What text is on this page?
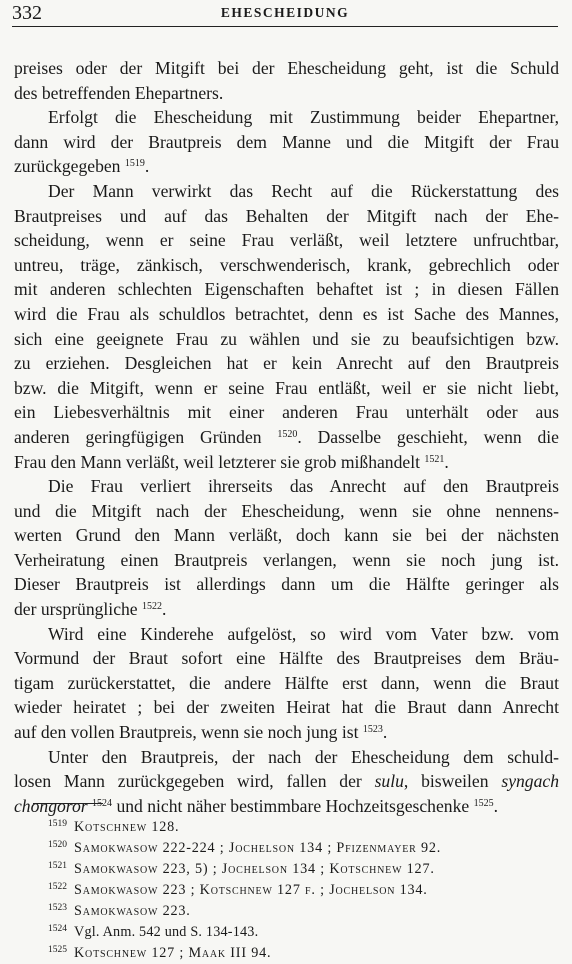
332	EHESCHEIDUNG

preises oder der Mitgift bei der Ehescheidung geht, ist die Schuld
des betreffenden Ehepartners.

Erfolgt die Ehescheidung mit Zustimmung beider Ehepartner,
dann wird der Brautpreis dem Manne und die Mitgift der Frau
zurückgegeben $^{1519}$.

Der Mann verwirkt das Recht auf die Rückerstattung des
Brautpreises und auf das Behalten der Mitgift nach der Ehe-
scheidung, wenn er seine Frau verläßt, weil letztere unfruchtbar,
untreu, träge, zänkisch, verschwenderisch, krank, gebrechlich oder
mit anderen schlechten Eigenschaften behaftet ist ; in diesen Fällen
wird die Frau als schuldlos betrachtet, denn es ist Sache des Mannes,
sich eine geeignete Frau zu wählen und sie zu beaufsichtigen bzw.
zu erziehen. Desgleichen hat er kein Anrecht auf den Brautpreis
bzw. die Mitgift, wenn er seine Frau entläßt, weil er sie nicht liebt,
ein Liebesverhältnis mit einer anderen Frau unterhält oder aus
anderen geringfügigen Gründen $^{1520}$. Dasselbe geschieht, wenn die
Frau den Mann verläßt, weil letzterer sie grob mißhandelt $^{1521}$.

Die Frau verliert ihrerseits das Anrecht auf den Brautpreis
und die Mitgift nach der Ehescheidung, wenn sie ohne nennens-
werten Grund den Mann verläßt, doch kann sie bei der nächsten
Verheiratung einen Brautpreis verlangen, wenn sie noch jung ist.
Dieser Brautpreis ist allerdings dann um die Hälfte geringer als
der ursprüngliche $^{1522}$.

Wird eine Kinderehe aufgelöst, so wird vom Vater bzw. vom
Vormund der Braut sofort eine Hälfte des Brautpreises dem Bräu-
tigam zurückerstattet, die andere Hälfte erst dann, wenn die Braut
wieder heiratet ; bei der zweiten Heirat hat die Braut dann Anrecht
auf den vollen Brautpreis, wenn sie noch jung ist $^{1523}$.

Unter den Brautpreis, der nach der Ehescheidung dem schuld-
losen Mann zurückgegeben wird, fallen der sulu, bisweilen syngach
chongoror $^{1524}$ und nicht näher bestimmbare Hochzeitsgeschenke $^{1525}$.

1519 Kotschnew 128.
1520 Samokwasow 222-224 ; Jochelson 134 ; Pfizenmayer 92.
1521 Samokwasow 223, 5) ; Jochelson 134 ; Kotschnew 127.
1522 Samokwasow 223 ; Kotschnew 127 f. ; Jochelson 134.
1523 Samokwasow 223.
1524 Vgl. Anm. 542 und S. 134-143.
1525 Kotschnew 127 ; Maak III 94.
